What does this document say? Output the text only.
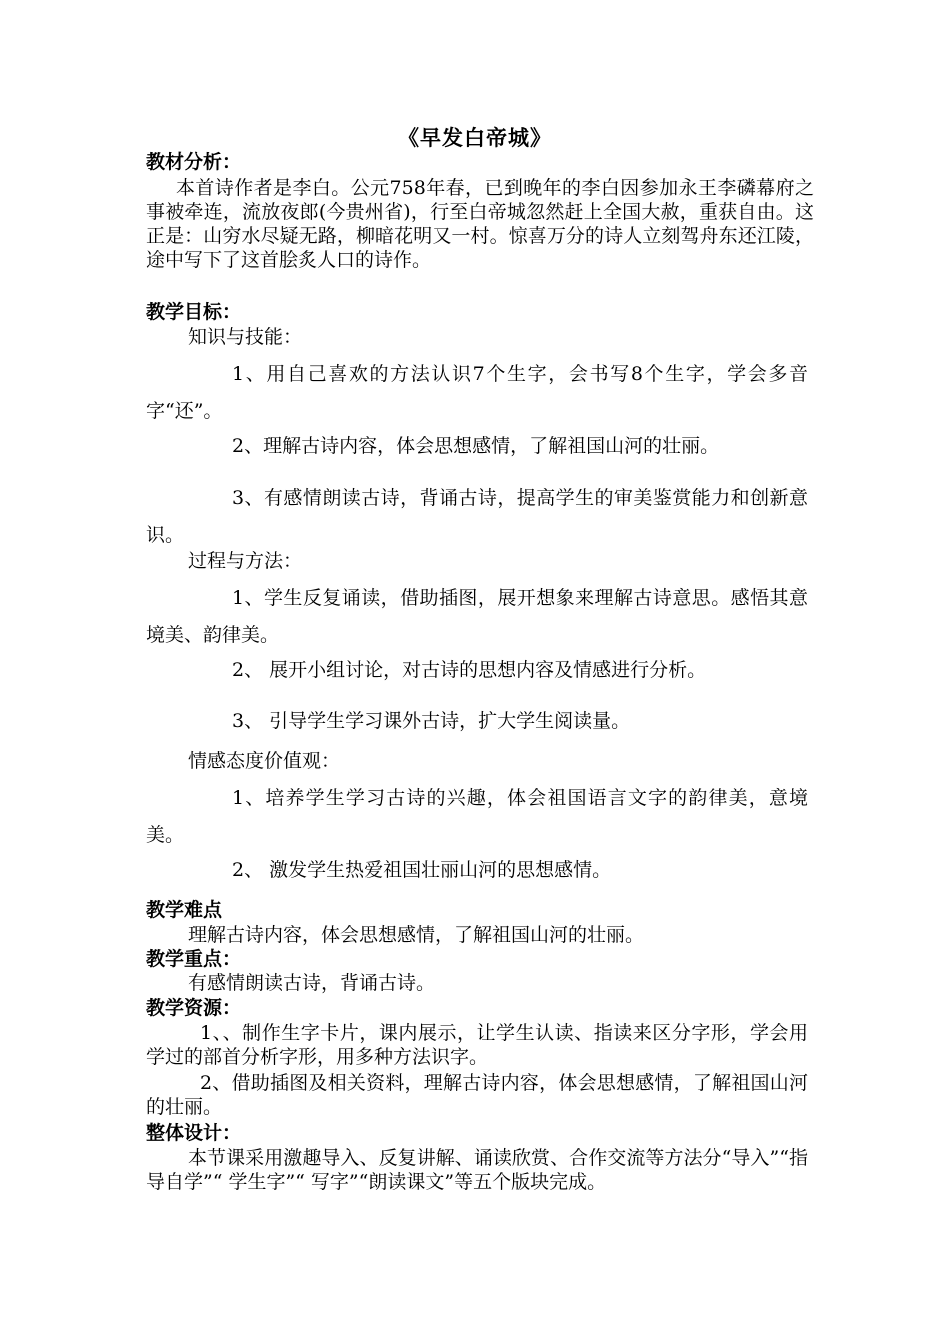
《早发白帝城》
教材分析：

本首诗作者是李白。公元758年春，已到晚年的李白因参加永王李磷幕府之事被牵连，流放夜郎(今贵州省)，行至白帝城忽然赶上全国大赦，重获自由。这正是：山穷水尽疑无路，柳暗花明又一村。惊喜万分的诗人立刻驾舟东还江陵，途中写下了这首脍炙人口的诗作。

教学目标：
知识与技能：

1、用自己喜欢的方法认识7个生字，会书写8个生字，学会多音字“还”。

2、理解古诗内容，体会思想感情，了解祖国山河的壮丽。

3、有感情朗读古诗，背诵古诗，提高学生的审美鉴赏能力和创新意识。

过程与方法：

1、学生反复诵读，借助插图，展开想象来理解古诗意思。感悟其意境美、韵律美。

2、 展开小组讨论，对古诗的思想内容及情感进行分析。
3、 引导学生学习课外古诗，扩大学生阅读量。
情感态度价值观：

1、培养学生学习古诗的兴趣，体会祖国语言文字的韵律美，意境美。

2、 激发学生热爱祖国壮丽山河的思想感情。
教学难点
理解古诗内容，体会思想感情，了解祖国山河的壮丽。
教学重点：
有感情朗读古诗，背诵古诗。
教学资源：

1、、制作生字卡片，课内展示，让学生认读、指读来区分字形，学会用学过的部首分析字形，用多种方法识字。

2、借助插图及相关资料，理解古诗内容，体会思想感情，了解祖国山河的壮丽。

整体设计：

本节课采用激趣导入、反复讲解、诵读欣赏、合作交流等方法分“导入”“指导自学”“ 学生字”“ 写字”“朗读课文”等五个版块完成。
